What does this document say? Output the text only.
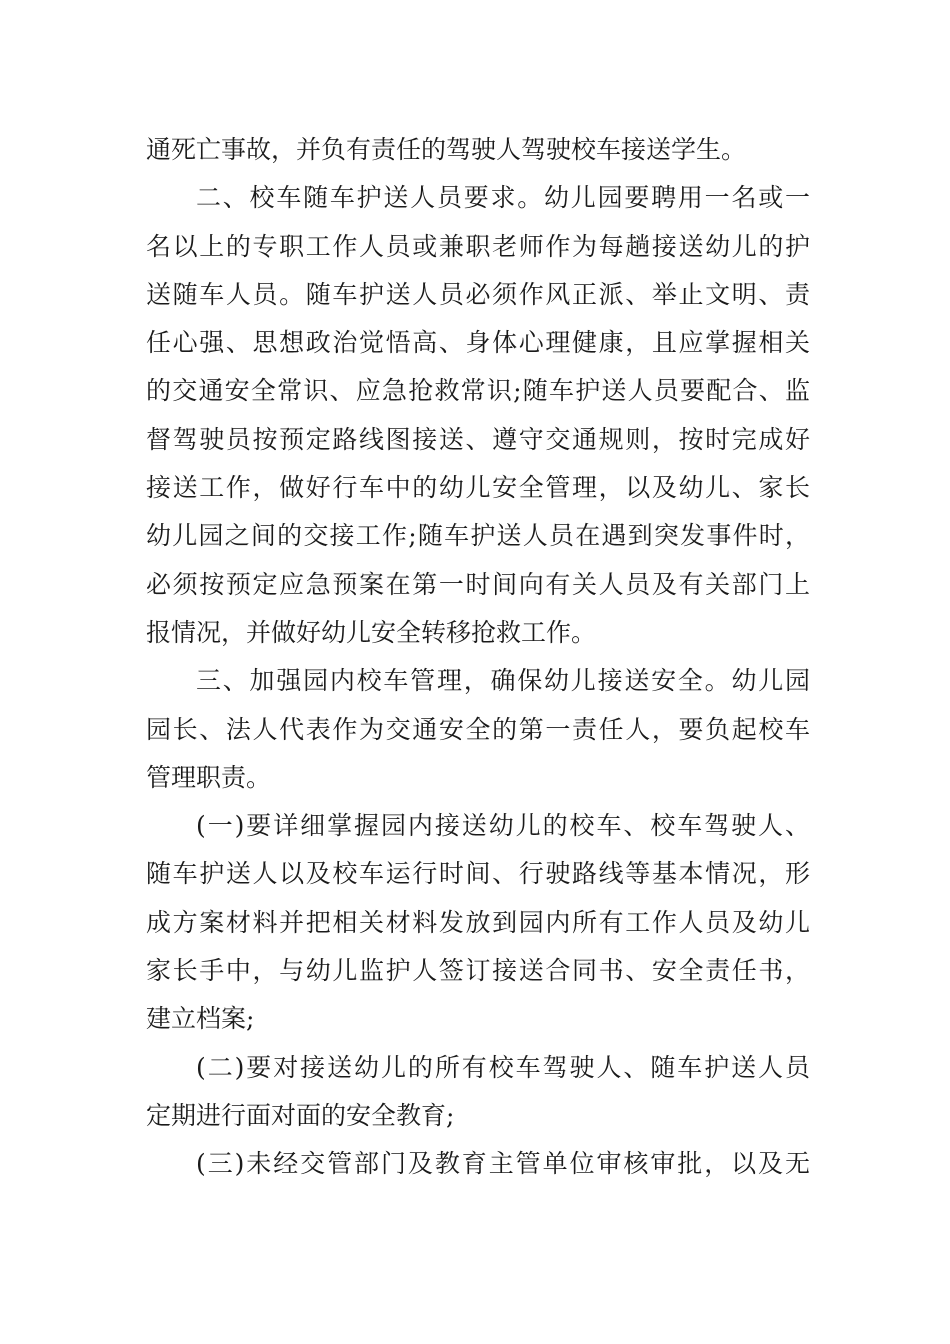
通死亡事故，并负有责任的驾驶人驾驶校车接送学生。

二、校车随车护送人员要求。幼儿园要聘用一名或一
名以上的专职工作人员或兼职老师作为每趟接送幼儿的护
送随车人员。随车护送人员必须作风正派、举止文明、责
任心强、思想政治觉悟高、身体心理健康，且应掌握相关
的交通安全常识、应急抢救常识;随车护送人员要配合、监
督驾驶员按预定路线图接送、遵守交通规则，按时完成好
接送工作，做好行车中的幼儿安全管理，以及幼儿、家长
幼儿园之间的交接工作;随车护送人员在遇到突发事件时，
必须按预定应急预案在第一时间向有关人员及有关部门上
报情况，并做好幼儿安全转移抢救工作。

三、加强园内校车管理，确保幼儿接送安全。幼儿园
园长、法人代表作为交通安全的第一责任人，要负起校车
管理职责。

(一)要详细掌握园内接送幼儿的校车、校车驾驶人、
随车护送人以及校车运行时间、行驶路线等基本情况，形
成方案材料并把相关材料发放到园内所有工作人员及幼儿
家长手中，与幼儿监护人签订接送合同书、安全责任书，
建立档案;

(二)要对接送幼儿的所有校车驾驶人、随车护送人员
定期进行面对面的安全教育;

(三)未经交管部门及教育主管单位审核审批，以及无
